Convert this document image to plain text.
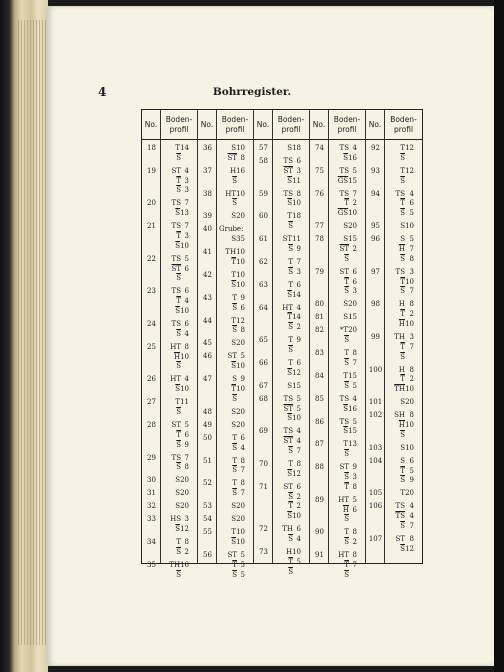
4	Bohrregister.
No.
Boden-
profil
18	T 14
$\overline{S}$
19	ST 4
$\overline{T}$ 3
$\overline{S}$ 3
20	TS 7
$\overline{S}$ 13
21	TS 7
$\overline{T}$ 3
$\overline{S}$ 10
22	TS 5
$\overline{ST}$ 6
$\overline{S}$
23	TS 6
$\overline{T}$ 4
$\overline{S}$ 10
24	TS 6
$\overline{S}$ 4
25	HT 8
$\overline{H}$ 10
$\overline{S}$
26	HT 4
$\overline{S}$ 10
27	T 11
$\overline{S}$
28	ST 5
$\overline{T}$ 6
$\overline{S}$ 9
29	TS 7
$\overline{S}$ 8
30	S 20
31	S 20
32	S 20
33	HS 3
$\overline{S}$ 12
34	T 8
$\overline{S}$ 2
35	TH 16
$\overline{S}$
No.
Boden-
profil
36	S 10
$\overline{ST}$ 8
37	H 16
$\overline{S}$
38	HT 10
$\overline{S}$
39	S 20
40	Grube:
S 35
41	TH 10
$\overline{T}$ 10
42	T 10
$\overline{S}$ 10
43	T 9
$\overline{S}$ 6
44	T 12
$\overline{S}$ 8
45	S 20
46	ST 5
$\overline{S}$ 10
47	S 9
$\overline{T}$ 10
$\overline{S}$
48	S 20
49	S 20
50	T 6
$\overline{S}$ 4
51	T 8
$\overline{S}$ 7
52	T 8
$\overline{S}$ 7
53	S 20
54	S 20
55	T 10
$\overline{S}$ 10
56	ST 5
$\overline{T}$ 5
$\overline{S}$ 5
No.
Boden-
profil
57	S 18
58	TS 6
$\overline{ST}$ 3
$\overline{S}$ 11
59	TS 8
$\overline{S}$ 10
60	T 18
$\overline{S}$
61	ST 11
$\overline{S}$ 9
62	T 7
$\overline{S}$ 3
63	T 6
$\overline{S}$ 14
64	HT 4
$\overline{T}$ 14
$\overline{S}$ 2
65	T 9
$\overline{S}$
66	T 6
$\overline{S}$ 12
67	S 15
68	TS 5
$\overline{ST}$ 5
$\overline{S}$ 10
69	TS 4
$\overline{ST}$ 4
$\overline{S}$ 7
70	T 8
$\overline{S}$ 12
71	ST 6
$\overline{S}$ 2
$\overline{T}$ 2
$\overline{S}$ 10
72	TH 6
$\overline{S}$ 4
73	H 10
$\overline{T}$ 5
$\overline{S}$
No.
Boden-
profil
74	TS 4
$\overline{S}$ 16
75	TS 5
$\overline{GS}$ 15
76	TS 7
$\overline{T}$ 2
$\overline{GS}$ 10
77	S 20
78	S 15
$\overline{ST}$ 2
$\overline{S}$
79	ST 6
$\overline{T}$ 6
$\overline{S}$ 3
80	S 20
81	S 15
82	*T 20
$\overline{S}$
83	T 8
$\overline{S}$ 7
84	T 15
$\overline{S}$ 5
85	TS 4
$\overline{S}$ 16
86	TS 5
$\overline{S}$ 15
87	T 13
$\overline{S}$
88	ST 9
$\overline{S}$ 3
$\overline{T}$ 8
89	HT 5
$\overline{H}$ 6
$\overline{S}$
90	T 8
$\overline{S}$ 2
91	HT 8
$\overline{T}$ 7
$\overline{S}$
No.
Boden-
profil
92	T 12
$\overline{S}$
93	T 12
$\overline{S}$
94	TS 4
$\overline{T}$ 6
$\overline{S}$ 5
95	S 10
96	S 5
$\overline{H}$ 7
$\overline{S}$ 8
97	TS 3
$\overline{T}$ 10
$\overline{S}$ 7
98	H 8
$\overline{T}$ 2
$\overline{H}$ 10
99	TH 3
$\overline{T}$ 7
$\overline{S}$
100	H 8
$\overline{T}$ 2
$\overline{TH}$ 10
101	S 20
102	SH 8
$\overline{H}$ 10
$\overline{S}$
103	S 10
104	S 6
$\overline{T}$ 5
$\overline{S}$ 9
105	T 20
106	TS 4
$\overline{TS}$ 4
$\overline{S}$ 7
107	ST 8
$\overline{S}$ 12
